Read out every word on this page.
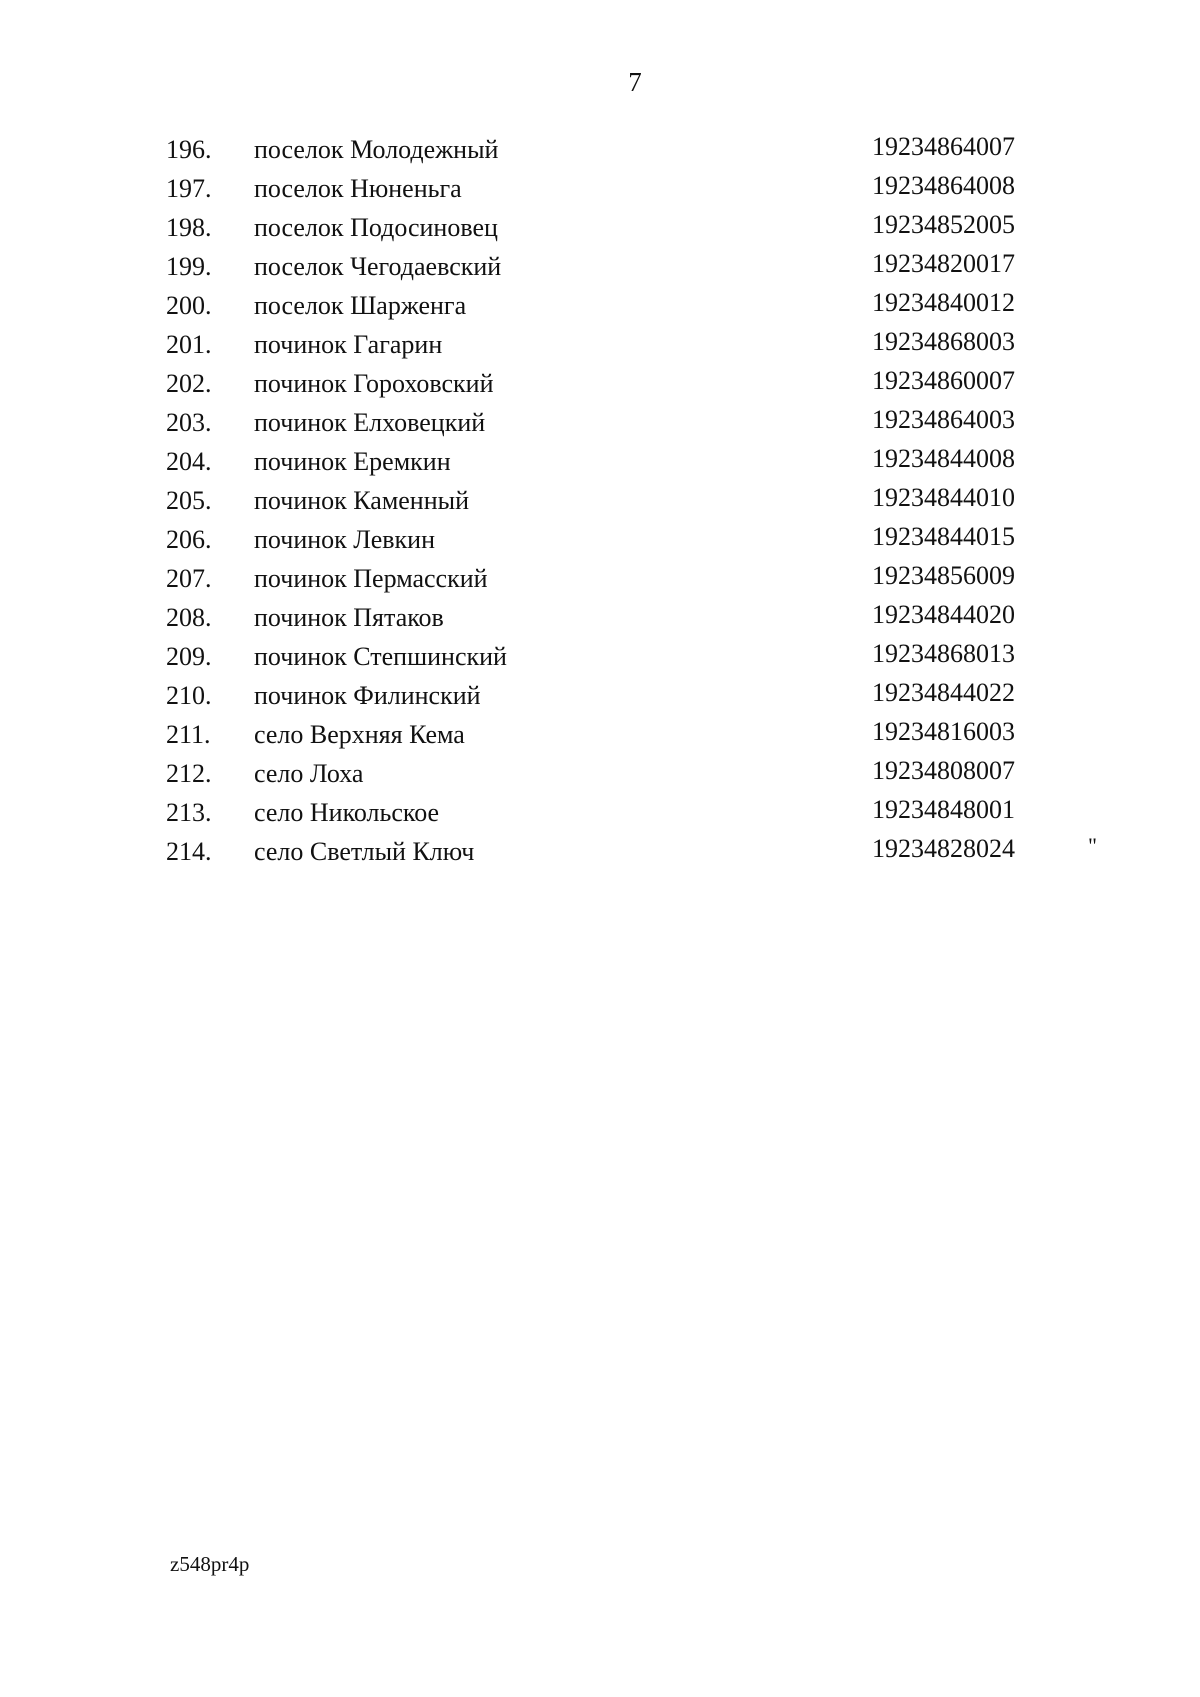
7
196. поселок Молодежный	19234864007
197. поселок Нюненьга	19234864008
198. поселок Подосиновец	19234852005
199. поселок Чегодаевский	19234820017
200. поселок Шарженга	19234840012
201. починок Гагарин	19234868003
202. починок Гороховский	19234860007
203. починок Елховецкий	19234864003
204. починок Еремкин	19234844008
205. починок Каменный	19234844010
206. починок Левкин	19234844015
207. починок Пермасский	19234856009
208. починок Пятаков	19234844020
209. починок Степшинский	19234868013
210. починок Филинский	19234844022
211. село Верхняя Кема	19234816003
212. село Лоха	19234808007
213. село Никольское	19234848001
214. село Светлый Ключ	19234828024	"
z548pr4p
